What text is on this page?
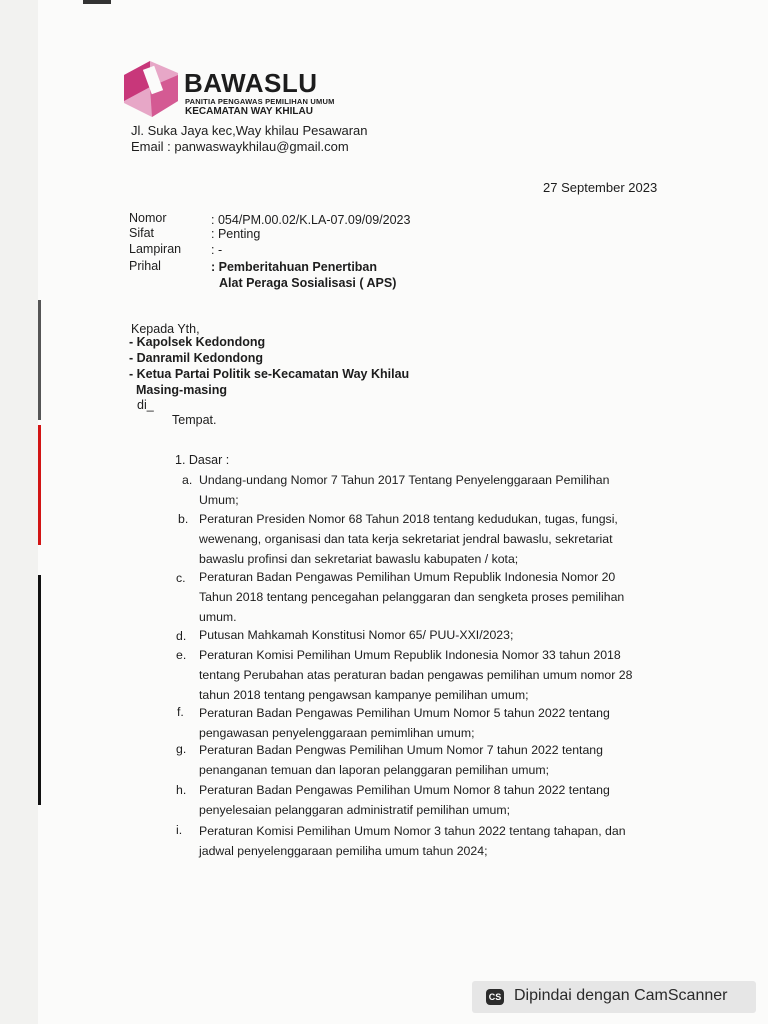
BAWASLU
PANITIA PENGAWAS PEMILIHAN UMUM
KECAMATAN WAY KHILAU
Jl. Suka Jaya kec,Way khilau Pesawaran
Email : panwaswaykhilau@gmail.com
27 September 2023
Nomor	: 054/PM.00.02/K.LA-07.09/09/2023
Sifat	: Penting
Lampiran : -
Prihal	: Pemberitahuan Penertiban
Alat Peraga Sosialisasi ( APS)
Kepada Yth,
- Kapolsek Kedondong
- Danramil Kedondong
- Ketua Partai Politik se-Kecamatan Way Khilau
Masing-masing
di_
Tempat.
1. Dasar :
a. Undang-undang Nomor 7 Tahun 2017 Tentang Penyelenggaraan Pemilihan
Umum;
b. Peraturan Presiden Nomor 68 Tahun 2018 tentang kedudukan, tugas, fungsi,
wewenang, organisasi dan tata kerja sekretariat jendral bawaslu, sekretariat
bawaslu profinsi dan sekretariat bawaslu kabupaten / kota;
c. Peraturan Badan Pengawas Pemilihan Umum Republik Indonesia Nomor 20
Tahun 2018 tentang pencegahan pelanggaran dan sengketa proses pemilihan
umum.
d. Putusan Mahkamah Konstitusi Nomor 65/ PUU-XXI/2023;
e. Peraturan Komisi Pemilihan Umum Republik Indonesia Nomor 33 tahun 2018
tentang Perubahan atas peraturan badan pengawas pemilihan umum nomor 28
tahun 2018 tentang pengawsan kampanye pemilihan umum;
f. Peraturan Badan Pengawas Pemilihan Umum Nomor 5 tahun 2022 tentang
pengawasan penyelenggaraan pemimlihan umum;
g. Peraturan Badan Pengwas Pemilihan Umum Nomor 7 tahun 2022 tentang
penanganan temuan dan laporan pelanggaran pemilihan umum;
h. Peraturan Badan Pengawas Pemilihan Umum Nomor 8 tahun 2022 tentang
penyelesaian pelanggaran administratif pemilihan umum;
i. Peraturan Komisi Pemilihan Umum Nomor 3 tahun 2022 tentang tahapan, dan
jadwal penyelenggaraan pemiliha umum tahun 2024;
CS Dipindai dengan CamScanner
